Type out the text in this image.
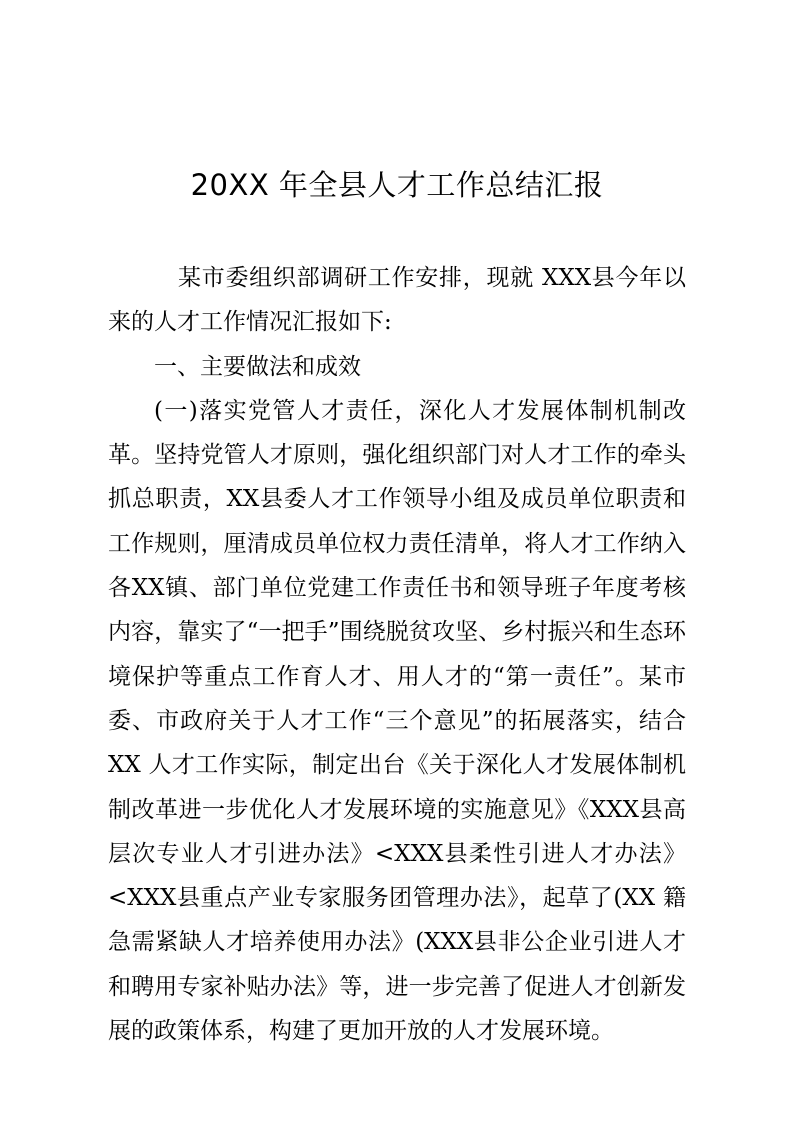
20XX 年全县人才工作总结汇报

某市委组织部调研工作安排，现就 XXX县今年以来的人才工作情况汇报如下:

一、主要做法和成效

(一)落实党管人才责任，深化人才发展体制机制改革。坚持党管人才原则，强化组织部门对人才工作的牵头抓总职责，XX县委人才工作领导小组及成员单位职责和工作规则，厘清成员单位权力责任清单，将人才工作纳入各XX镇、部门单位党建工作责任书和领导班子年度考核内容，靠实了“一把手”围绕脱贫攻坚、乡村振兴和生态环境保护等重点工作育人才、用人才的“第一责任”。某市委、市政府关于人才工作“三个意见”的拓展落实，结合 XX 人才工作实际，制定出台《关于深化人才发展体制机制改革进一步优化人才发展环境的实施意见》《XXX县高层次专业人才引进办法》<XXX县柔性引进人才办法》<XXX县重点产业专家服务团管理办法》，起草了(XX 籍急需紧缺人才培养使用办法》(XXX县非公企业引进人才和聘用专家补贴办法》等，进一步完善了促进人才创新发展的政策体系，构建了更加开放的人才发展环境。
